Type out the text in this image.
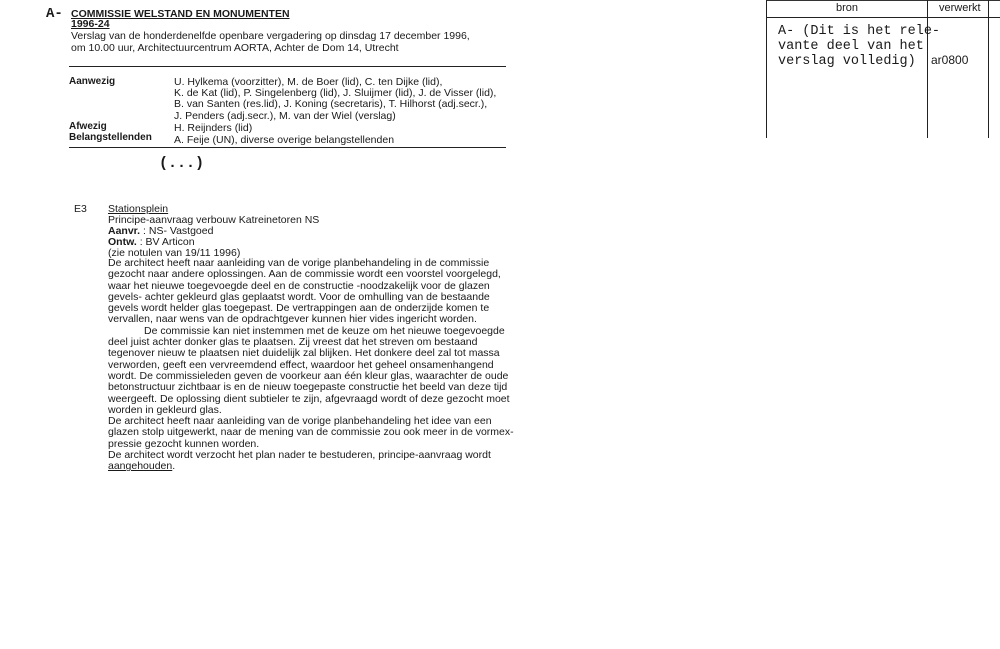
A- COMMISSIE WELSTAND EN MONUMENTEN
1996-24
Verslag van de honderdenelfde openbare vergadering op dinsdag 17 december 1996,
om 10.00 uur, Architectuurcentrum AORTA, Achter de Dom 14, Utrecht
Aanwezig	U. Hylkema (voorzitter), M. de Boer (lid), C. ten Dijke (lid),
K. de Kat (lid), P. Singelenberg (lid), J. Sluijmer (lid), J. de Visser (lid),
B. van Santen (res.lid), J. Koning (secretaris), T. Hilhorst (adj.secr.),
J. Penders (adj.secr.), M. van der Wiel (verslag)
Afwezig	H. Reijnders (lid)
Belangstellenden A. Feije (UN), diverse overige belangstellenden
(...)
E3 Stationsplein
Principe-aanvraag verbouw Katreinetoren NS
Aanvr. : NS- Vastgoed
Ontw. : BV Articon
(zie notulen van 19/11 1996)
De architect heeft naar aanleiding van de vorige planbehandeling in de commissie
gezocht naar andere oplossingen. Aan de commissie wordt een voorstel voorgelegd,
waar het nieuwe toegevoegde deel en de constructie -noodzakelijk voor de glazen
gevels- achter gekleurd glas geplaatst wordt. Voor de omhulling van de bestaande
gevels wordt helder glas toegepast. De vertrappingen aan de onderzijde komen te
vervallen, naar wens van de opdrachtgever kunnen hier vides ingericht worden.
De commissie kan niet instemmen met de keuze om het nieuwe toegevoegde
deel juist achter donker glas te plaatsen. Zij vreest dat het streven om bestaand
tegenover nieuw te plaatsen niet duidelijk zal blijken. Het donkere deel zal tot massa
verworden, geeft een vervreemdend effect, waardoor het geheel onsamenhangend
wordt. De commissieleden geven de voorkeur aan één kleur glas, waarachter de oude
betonstructuur zichtbaar is en de nieuw toegepaste constructie het beeld van deze tijd
weergeeft. De oplossing dient subtieler te zijn, afgevraagd wordt of deze gezocht moet
worden in gekleurd glas.
De architect heeft naar aanleiding van de vorige planbehandeling het idee van een
glazen stolp uitgewerkt, naar de mening van de commissie zou ook meer in de vormex-
pressie gezocht kunnen worden.
De architect wordt verzocht het plan nader te bestuderen, principe-aanvraag wordt
aangehouden.
bron	verwerkt
A- (Dit is het rele-
vante deel van het
verslag volledig)	ar0800
